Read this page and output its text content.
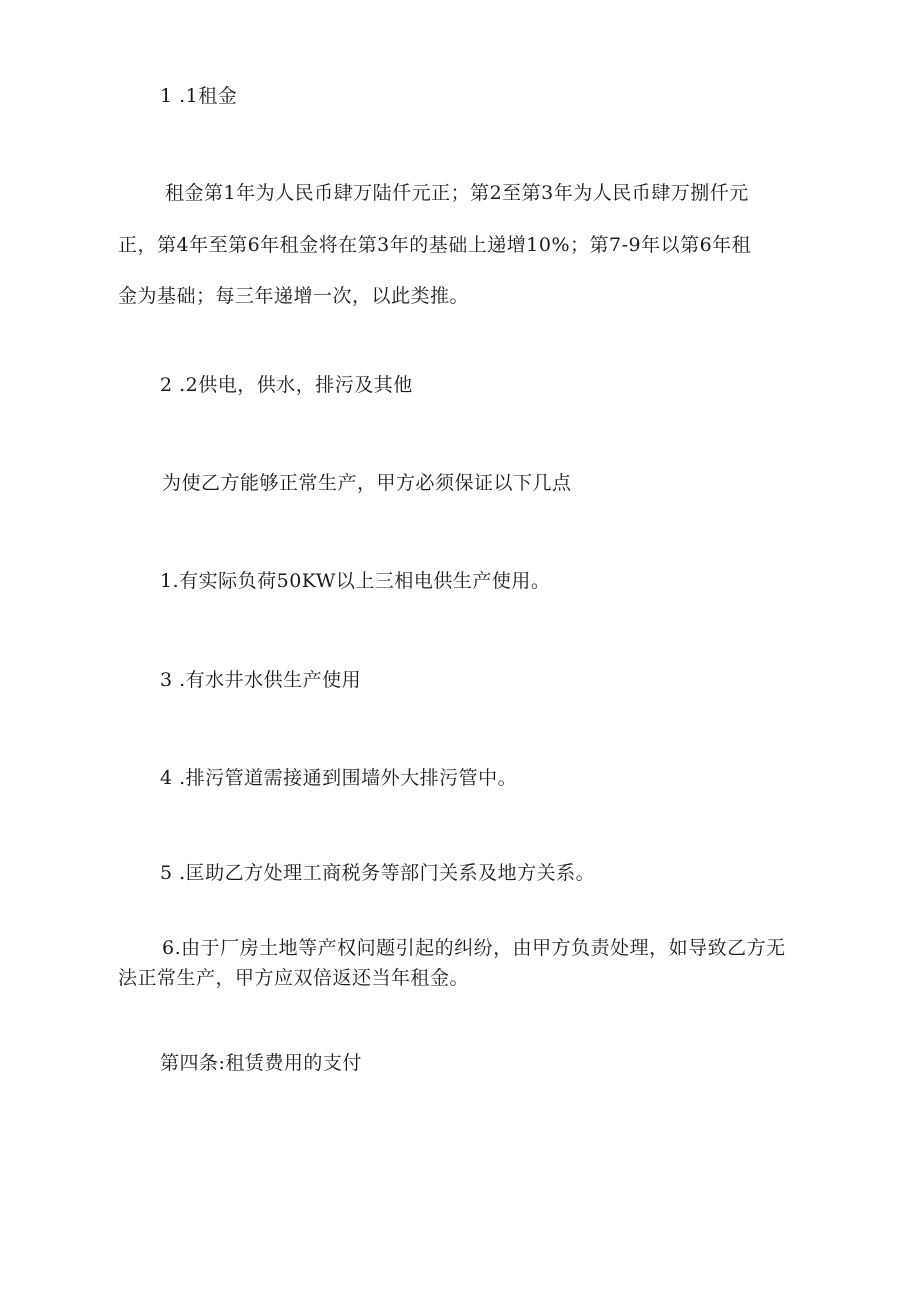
1 .1租金
租金第1年为人民币肆万陆仟元正；第2至第3年为人民币肆万捌仟元
正，第4年至第6年租金将在第3年的基础上递增10%；第7-9年以第6年租
金为基础；每三年递增一次，以此类推。
2 .2供电，供水，排污及其他
为使乙方能够正常生产，甲方必须保证以下几点
1.有实际负荷50KW以上三相电供生产使用。
3 .有水井水供生产使用
4 .排污管道需接通到围墙外大排污管中。
5 .匡助乙方处理工商税务等部门关系及地方关系。
6.由于厂房土地等产权问题引起的纠纷，由甲方负责处理，如导致乙方无
法正常生产，甲方应双倍返还当年租金。
第四条:租赁费用的支付
